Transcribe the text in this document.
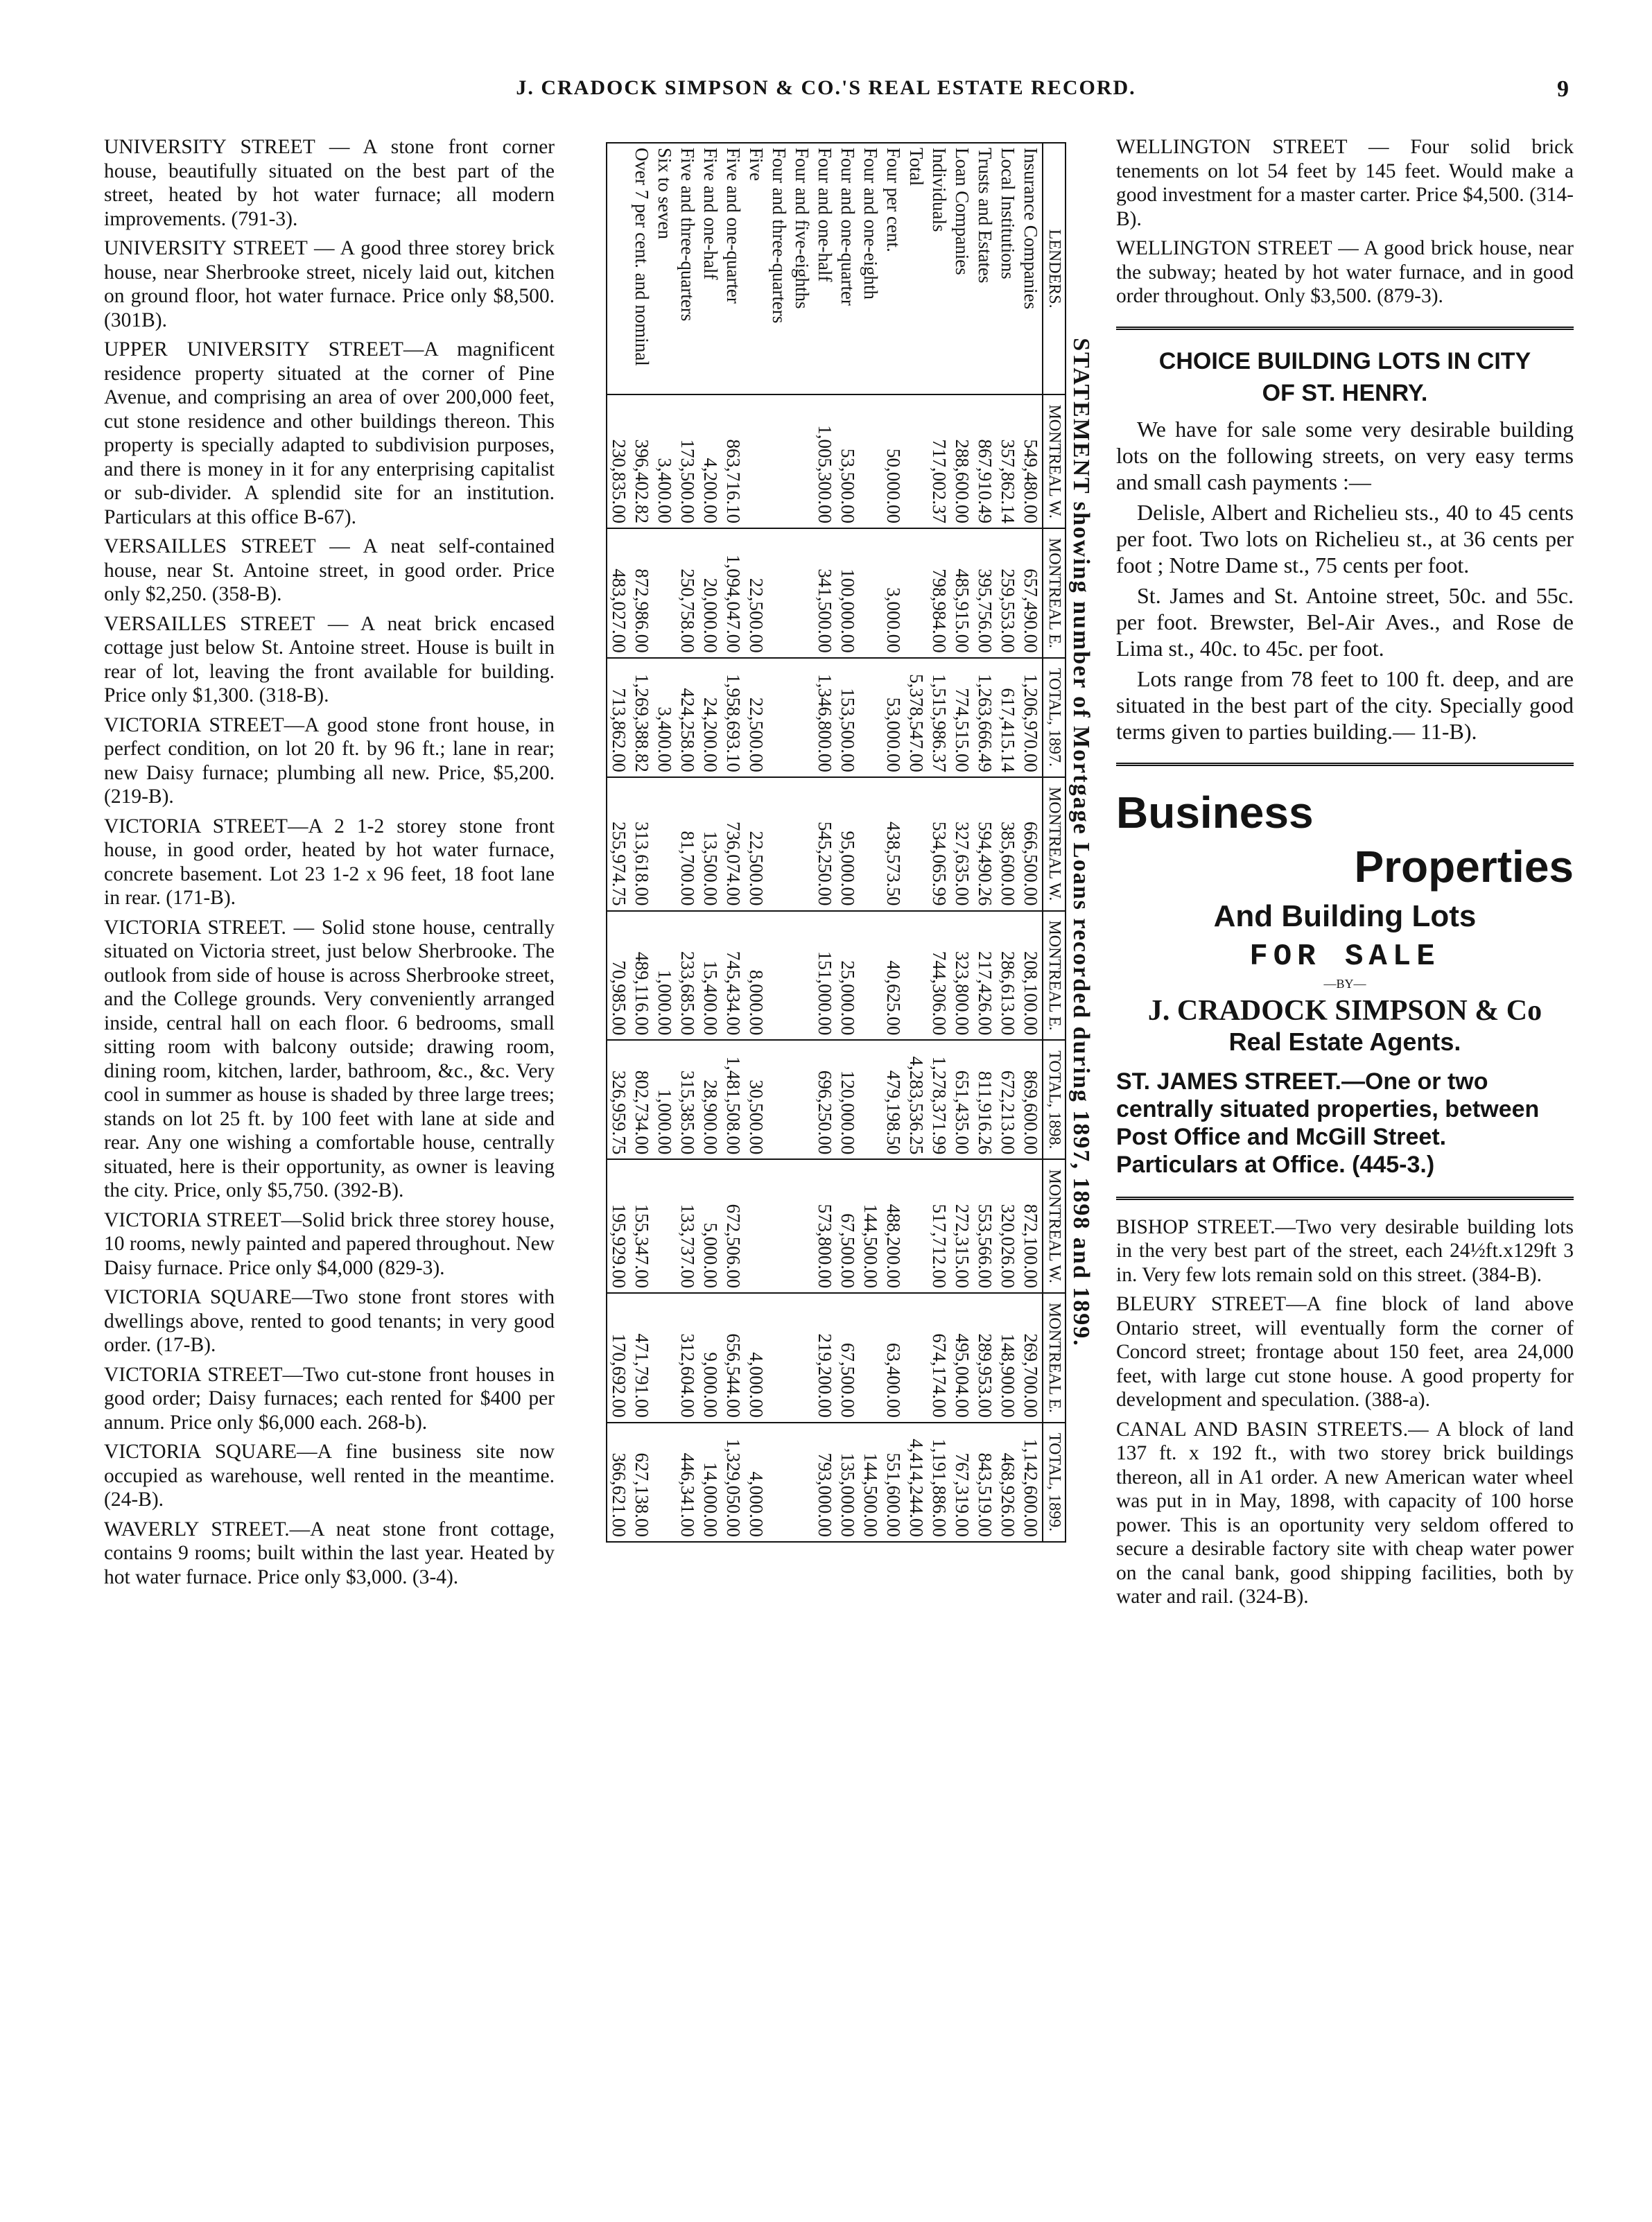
J. CRADOCK SIMPSON & CO.'S REAL ESTATE RECORD.	9

UNIVERSITY STREET — A stone front corner house, beautifully situated on the best part of the street, heated by hot water furnace; all modern improvements. (791-3).

UNIVERSITY STREET — A good three storey brick house, near Sherbrooke street, nicely laid out, kitchen on ground floor, hot water furnace. Price only $8,500. (301B).

UPPER UNIVERSITY STREET—A magnificent residence property situated at the corner of Pine Avenue, and comprising an area of over 200,000 feet, cut stone residence and other buildings thereon. This property is specially adapted to subdivision purposes, and there is money in it for any enterprising capitalist or sub-divider. A splendid site for an institution. Particulars at this office B-67).

VERSAILLES STREET — A neat self-contained house, near St. Antoine street, in good order. Price only $2,250. (358-B).

VERSAILLES STREET — A neat brick encased cottage just below St. Antoine street. House is built in rear of lot, leaving the front available for building. Price only $1,300. (318-B).

VICTORIA STREET—A good stone front house, in perfect condition, on lot 20 ft. by 96 ft.; lane in rear; new Daisy furnace; plumbing all new. Price, $5,200. (219-B).

VICTORIA STREET—A 2 1-2 storey stone front house, in good order, heated by hot water furnace, concrete basement. Lot 23 1-2 x 96 feet, 18 foot lane in rear. (171-B).

VICTORIA STREET. — Solid stone house, centrally situated on Victoria street, just below Sherbrooke. The outlook from side of house is across Sherbrooke street, and the College grounds. Very conveniently arranged inside, central hall on each floor. 6 bedrooms, small sitting room with balcony outside; drawing room, dining room, kitchen, larder, bathroom, &c., &c. Very cool in summer as house is shaded by three large trees; stands on lot 25 ft. by 100 feet with lane at side and rear. Any one wishing a comfortable house, centrally situated, here is their opportunity, as owner is leaving the city. Price, only $5,750. (392-B).

VICTORIA STREET—Solid brick three storey house, 10 rooms, newly painted and papered throughout. New Daisy furnace. Price only $4,000 (829-3).

VICTORIA SQUARE—Two stone front stores with dwellings above, rented to good tenants; in very good order. (17-B).

VICTORIA STREET—Two cut-stone front houses in good order; Daisy furnaces; each rented for $400 per annum. Price only $6,000 each. 268-b).

VICTORIA SQUARE—A fine business site now occupied as warehouse, well rented in the meantime. (24-B).

WAVERLY STREET.—A neat stone front cottage, contains 9 rooms; built within the last year. Heated by hot water furnace. Price only $3,000. (3-4).

STATEMENT showing number of Mortgage Loans recorded during 1897, 1898 and 1899.
LENDERS.	MONTREAL W.	MONTREAL E.	TOTAL, 1897.	MONTREAL W.	MONTREAL E.	TOTAL, 1898.	MONTREAL W.	MONTREAL E.	TOTAL, 1899.
Insurance Companies	549,480.00	657,490.00	1,206,970.00	666,500.00	208,100.00	869,600.00	872,100.00	269,700.00	1,142,600.00
Local Institutions	357,862.14	259,553.00	617,415.14	385,600.00	286,613.00	672,213.00	320,026.00	148,900.00	468,926.00
Trusts and Estates	867,910.49	395,756.00	1,263,666.49	594,490.26	217,426.00	811,916.26	553,566.00	289,953.00	843,519.00
Loan Companies	288,600.00	485,915.00	774,515.00	327,635.00	323,800.00	651,435.00	272,315.00	495,004.00	767,319.00
Individuals	717,002.37	798,984.00	1,515,986.37	534,065.99	744,306.00	1,278,371.99	517,712.00	674,174.00	1,191,886.00
Total			5,378,547.00			4,283,536.25			4,414,244.00
Four per cent.	50,000.00	3,000.00	53,000.00	438,573.50	40,625.00	479,198.50	488,200.00	63,400.00	551,600.00
Four and one-eighth							144,500.00		144,500.00
Four and one-quarter	53,500.00	100,000.00	153,500.00	95,000.00	25,000.00	120,000.00	67,500.00	67,500.00	135,000.00
Four and one-half	1,005,300.00	341,500.00	1,346,800.00	545,250.00	151,000.00	696,250.00	573,800.00	219,200.00	793,000.00
Four and five-eighths									
Four and three-quarters									
Five		22,500.00	22,500.00	22,500.00	8,000.00	30,500.00		4,000.00	4,000.00
Five and one-quarter	863,716.10	1,094,047.00	1,958,693.10	736,074.00	745,434.00	1,481,508.00	672,506.00	656,544.00	1,329,050.00
Five and one-half	4,200.00	20,000.00	24,200.00	13,500.00	15,400.00	28,900.00	5,000.00	9,000.00	14,000.00
Five and three-quarters	173,500.00	250,758.00	424,258.00	81,700.00	233,685.00	315,385.00	133,737.00	312,604.00	446,341.00
Six to seven	3,400.00		3,400.00		1,000.00	1,000.00			
Over 7 per cent. and nominal	396,402.82	872,986.00	1,269,388.82	313,618.00	489,116.00	802,734.00	155,347.00	471,791.00	627,138.00
	230,835.00	483,027.00	713,862.00	255,974.75	70,985.00	326,959.75	195,929.00	170,692.00	366,621.00

WELLINGTON STREET — Four solid brick tenements on lot 54 feet by 145 feet. Would make a good investment for a master carter. Price $4,500. (314-B).

WELLINGTON STREET — A good brick house, near the subway; heated by hot water furnace, and in good order throughout. Only $3,500. (879-3).

CHOICE BUILDING LOTS IN CITY
OF ST. HENRY.

We have for sale some very desirable building lots on the following streets, on very easy terms and small cash payments :—

Delisle, Albert and Richelieu sts., 40 to 45 cents per foot. Two lots on Richelieu st., at 36 cents per foot ; Notre Dame st., 75 cents per foot.

St. James and St. Antoine street, 50c. and 55c. per foot. Brewster, Bel-Air Aves., and Rose de Lima st., 40c. to 45c. per foot.

Lots range from 78 feet to 100 ft. deep, and are situated in the best part of the city. Specially good terms given to parties building.— 11-B).

Business
Properties
And Building Lots
FOR SALE
—BY—
J. CRADOCK SIMPSON & Co
Real Estate Agents.
ST. JAMES STREET.—One or two centrally situated properties, between Post Office and McGill Street. Particulars at Office. (445-3.)

BISHOP STREET.—Two very desirable building lots in the very best part of the street, each 24½ft.x129ft 3 in. Very few lots remain sold on this street. (384-B).

BLEURY STREET—A fine block of land above Ontario street, will eventually form the corner of Concord street; frontage about 150 feet, area 24,000 feet, with large cut stone house. A good property for development and speculation. (388-a).

CANAL AND BASIN STREETS.— A block of land 137 ft. x 192 ft., with two storey brick buildings thereon, all in A1 order. A new American water wheel was put in in May, 1898, with capacity of 100 horse power. This is an oportunity very seldom offered to secure a desirable factory site with cheap water power on the canal bank, good shipping facilities, both by water and rail. (324-B).
